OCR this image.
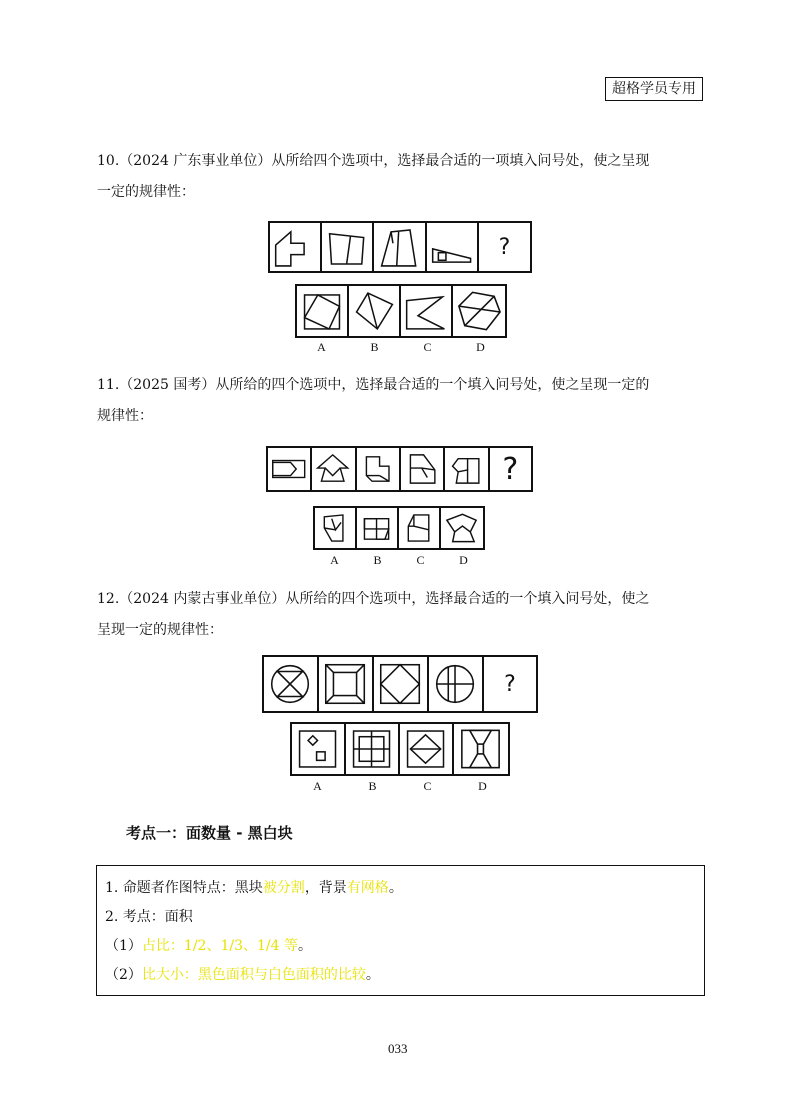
超格学员专用

10.（2024 广东事业单位）从所给四个选项中，选择最合适的一项填入问号处，使之呈现
一定的规律性：

?
A	B	C	D

11.（2025 国考）从所给的四个选项中，选择最合适的一个填入问号处，使之呈现一定的
规律性：

?
A	B	C	D

12.（2024 内蒙古事业单位）从所给的四个选项中，选择最合适的一个填入问号处，使之
呈现一定的规律性：

?
A	B	C	D

考点一：面数量 - 黑白块

1. 命题者作图特点：黑块被分割，背景有网格。
2. 考点：面积
（1）占比：1/2、1/3、1/4 等。
（2）比大小：黑色面积与白色面积的比较。
033
